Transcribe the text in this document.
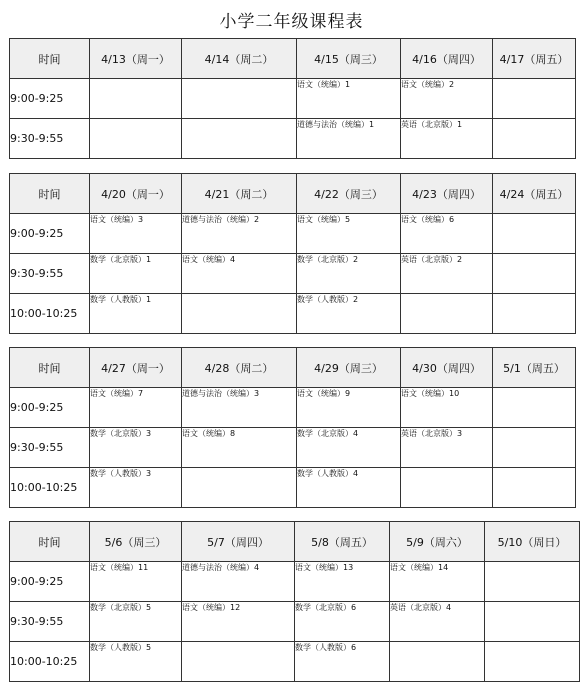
小学二年级课程表
时间	4/13（周一）	4/14（周二）	4/15（周三）	4/16（周四）	4/17（周五）
9:00-9:25			语文（统编）1	语文（统编）2	
9:30-9:55			道德与法治（统编）1	英语（北京版）1	
时间	4/20（周一）	4/21（周二）	4/22（周三）	4/23（周四）	4/24（周五）
9:00-9:25	语文（统编）3	道德与法治（统编）2	语文（统编）5	语文（统编）6	
9:30-9:55	数学（北京版）1	语文（统编）4	数学（北京版）2	英语（北京版）2	
10:00-10:25	数学（人教版）1		数学（人教版）2		
时间	4/27（周一）	4/28（周二）	4/29（周三）	4/30（周四）	5/1（周五）
9:00-9:25	语文（统编）7	道德与法治（统编）3	语文（统编）9	语文（统编）10	
9:30-9:55	数学（北京版）3	语文（统编）8	数学（北京版）4	英语（北京版）3	
10:00-10:25	数学（人教版）3		数学（人教版）4		
时间	5/6（周三）	5/7（周四）	5/8（周五）	5/9（周六）	5/10（周日）
9:00-9:25	语文（统编）11	道德与法治（统编）4	语文（统编）13	语文（统编）14	
9:30-9:55	数学（北京版）5	语文（统编）12	数学（北京版）6	英语（北京版）4	
10:00-10:25	数学（人教版）5		数学（人教版）6		
